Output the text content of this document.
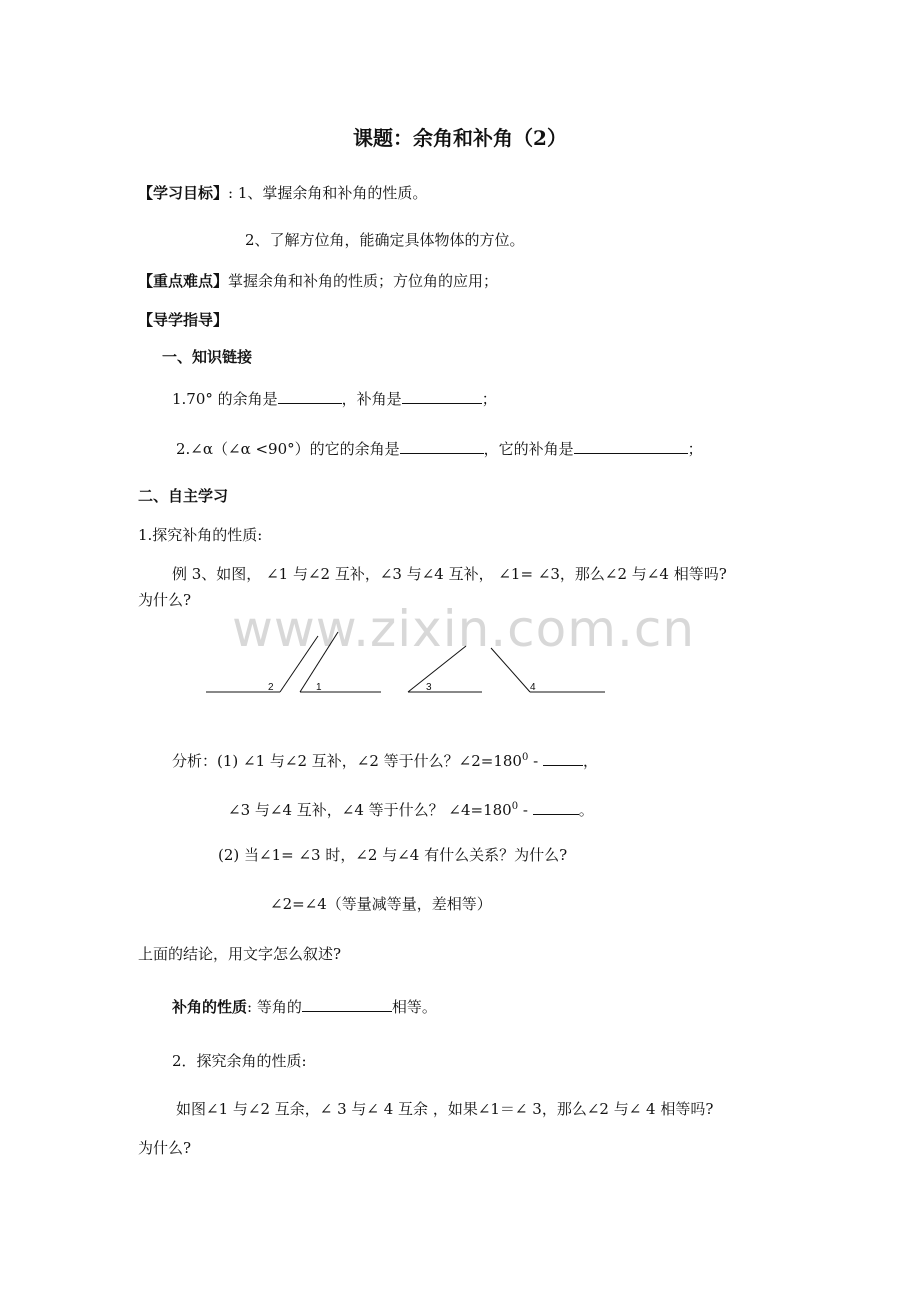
www.zixin.com.cn
课题：余角和补角（2）
【学习目标】: 1、掌握余角和补角的性质。
2、了解方位角，能确定具体物体的方位。
【重点难点】掌握余角和补角的性质；方位角的应用；
【导学指导】
一、知识链接
1.70° 的余角是	，补角是	；
2.∠α（∠α <90°）的它的余角是	，它的补角是	；
二、自主学习
1.探究补角的性质:
例 3、如图， ∠1 与∠2 互补，∠3 与∠4 互补， ∠1= ∠3，那么∠2 与∠4 相等吗?
为什么?
2	1	3	4
分析：(1) ∠1 与∠2 互补，∠2 等于什么？$\angle 2=180^0$ -	，
∠3 与∠4 互补，∠4 等于什么？ $\angle 4=180^0$ -	。
(2) 当∠1= ∠3 时，∠2 与∠4 有什么关系？为什么?
∠2=∠4（等量减等量，差相等）
上面的结论，用文字怎么叙述?
补角的性质: 等角的	相等。
2．探究余角的性质:
如图∠1 与∠2 互余，∠ 3 与∠ 4 互余 ，如果∠1＝∠ 3，那么∠2 与∠ 4 相等吗?
为什么?
